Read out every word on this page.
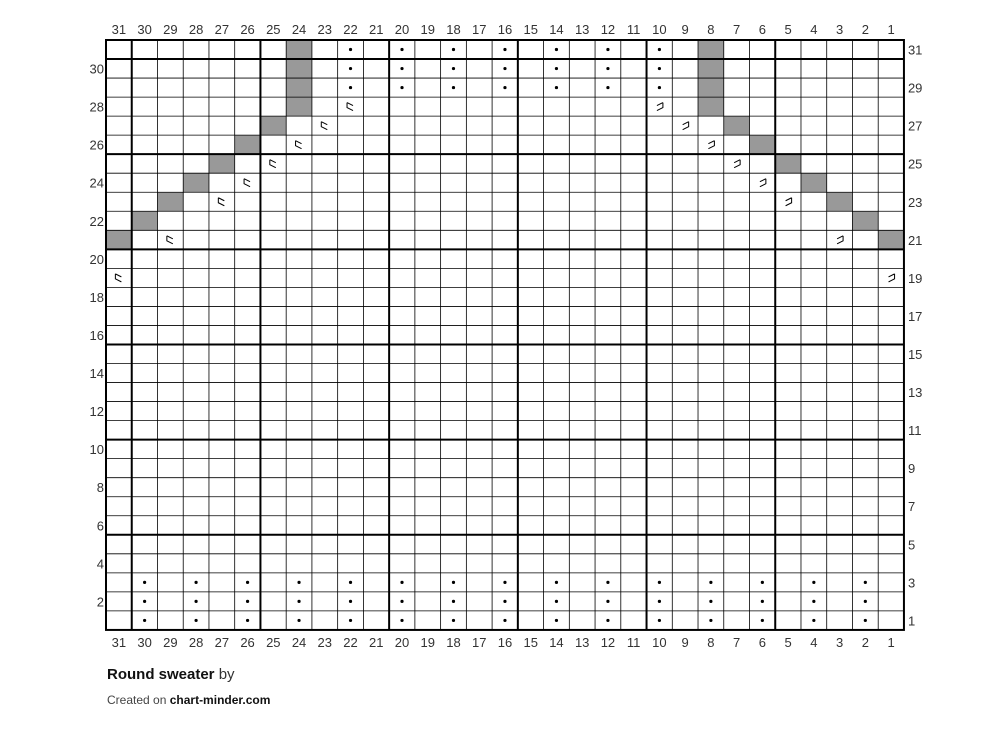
31 30 29 28 27 26 25 24 23 22 21 20 19 18 17 16 15 14 13 12 11 10 9 8 7 6 5 4 3 2 1
31 30 29 28 27 26 25 24 23 22 21 20 19 18 17 16 15 14 13 12 11 10 9 8 7 6 5 4 3 2 1
2
4
6
8
10
12
14
16
18
20
22
24
26
28
30
1
3
5
7
9
11
13
15
17
19
21
23
25
27
29
31
Round sweater by
Created on chart-minder.com
